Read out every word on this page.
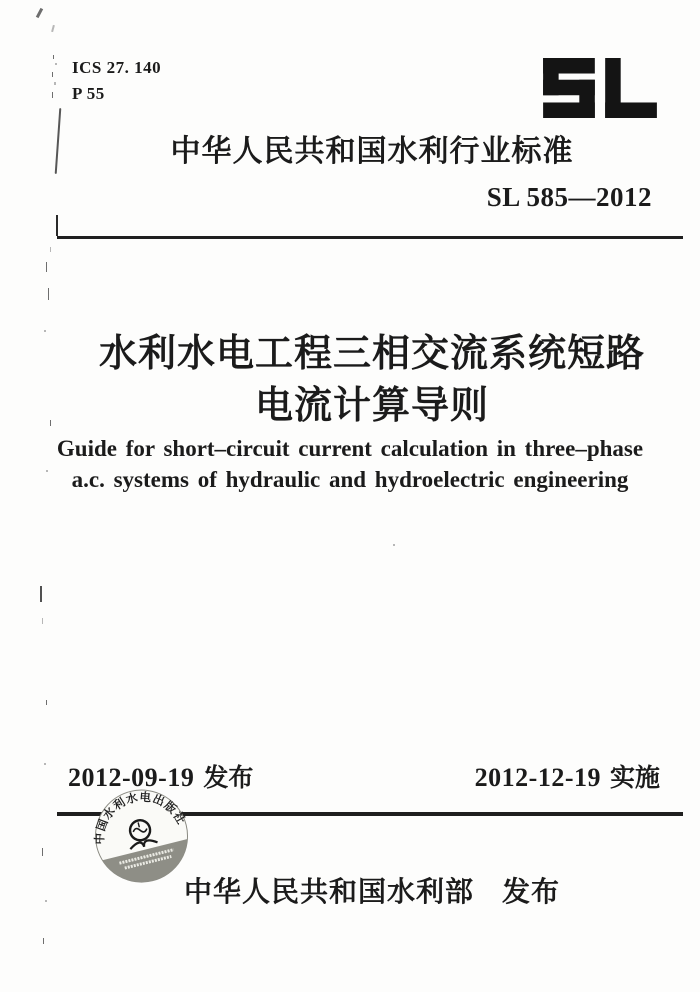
ICS 27. 140
P 55
中华人民共和国水利行业标准
SL 585—2012
水利水电工程三相交流系统短路
电流计算导则
Guide for short–circuit current calculation in three–phase
a.c. systems of hydraulic and hydroelectric engineering
2012-09-19 发布	2012-12-19 实施
中国水利水电出版社
中华人民共和国水利部 发布
